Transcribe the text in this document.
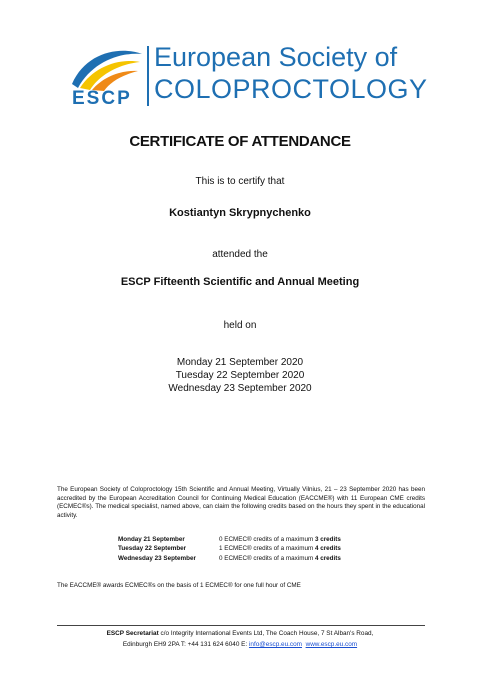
ESCP
European Society of
COLOPROCTOLOGY
CERTIFICATE OF ATTENDANCE
This is to certify that
Kostiantyn Skrypnychenko
attended the
ESCP Fifteenth Scientific and Annual Meeting
held on
Monday 21 September 2020
Tuesday 22 September 2020
Wednesday 23 September 2020
The European Society of Coloproctology 15th Scientific and Annual Meeting, Virtually Vilnius, 21 – 23 September 2020 has been accredited by the European Accreditation Council for Continuing Medical Education (EACCME®) with 11 European CME credits (ECMEC®s). The medical specialist, named above, can claim the following credits based on the hours they spent in the educational activity.
Monday 21 September	0 ECMEC® credits of a maximum 3 credits
Tuesday 22 September	1 ECMEC® credits of a maximum 4 credits
Wednesday 23 September	0 ECMEC® credits of a maximum 4 credits
The EACCME® awards ECMEC®s on the basis of 1 ECMEC® for one full hour of CME
ESCP Secretariat c/o Integrity International Events Ltd, The Coach House, 7 St Alban's Road,
Edinburgh EH9 2PA T: +44 131 624 6040 E: info@escp.eu.com www.escp.eu.com
